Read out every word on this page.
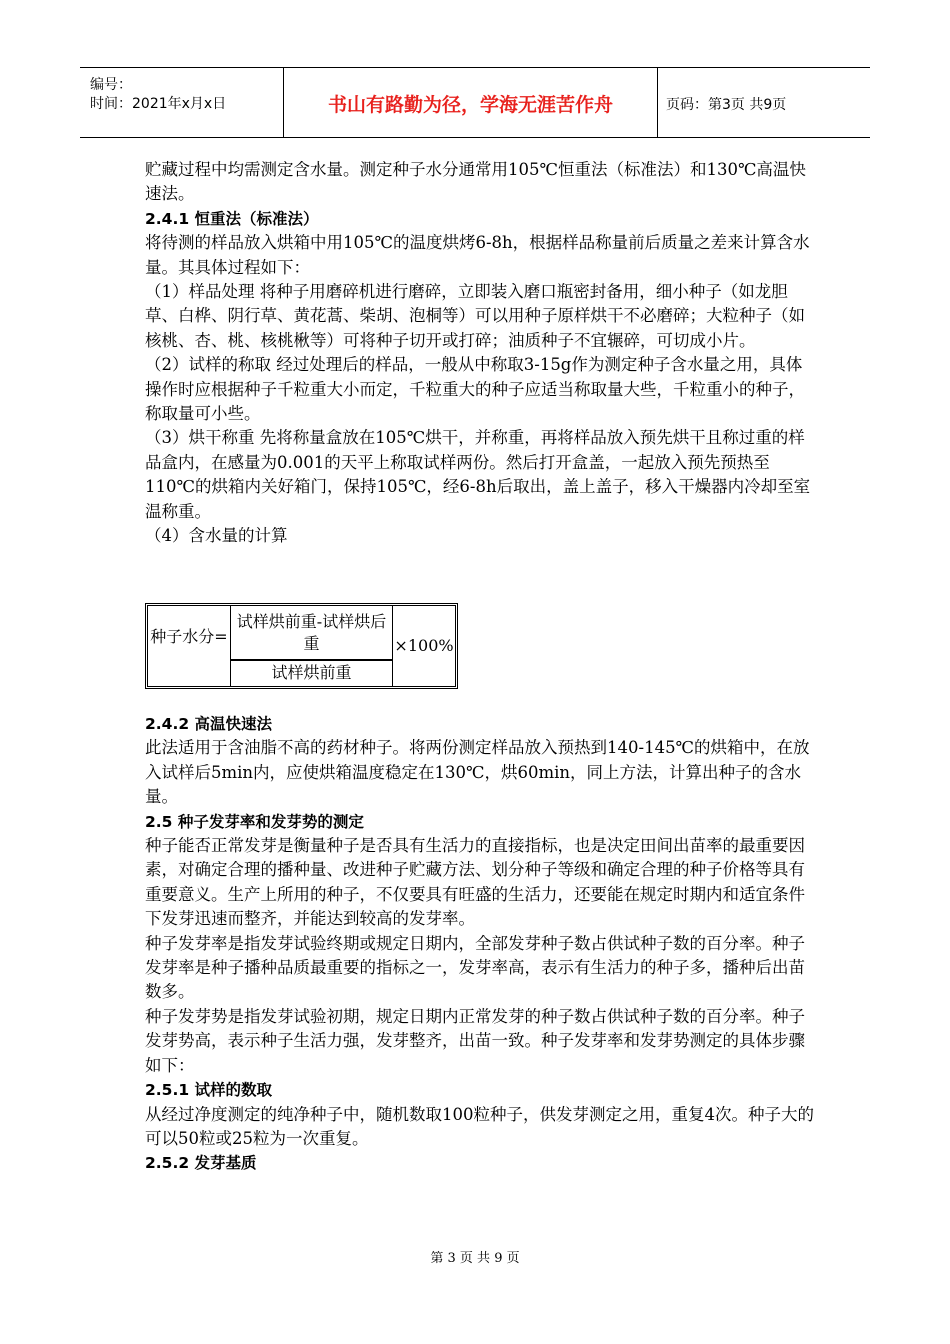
编号：
时间：2021年x月x日	书山有路勤为径，学海无涯苦作舟	页码：第3页 共9页

贮藏过程中均需测定含水量。测定种子水分通常用105℃恒重法（标准法）和130℃高温快速法。

2.4.1 恒重法（标准法）

将待测的样品放入烘箱中用105℃的温度烘烤6-8h，根据样品称量前后质量之差来计算含水量。其具体过程如下：

（1）样品处理 将种子用磨碎机进行磨碎，立即装入磨口瓶密封备用，细小种子（如龙胆草、白桦、阴行草、黄花蒿、柴胡、泡桐等）可以用种子原样烘干不必磨碎；大粒种子（如核桃、杏、桃、核桃楸等）可将种子切开或打碎；油质种子不宜辗碎，可切成小片。

（2）试样的称取 经过处理后的样品，一般从中称取3-15g作为测定种子含水量之用，具体操作时应根据种子千粒重大小而定，千粒重大的种子应适当称取量大些，千粒重小的种子，称取量可小些。

（3）烘干称重 先将称量盒放在105℃烘干，并称重，再将样品放入预先烘干且称过重的样品盒内，在感量为0.001的天平上称取试样两份。然后打开盒盖，一起放入预先预热至110℃的烘箱内关好箱门，保持105℃，经6-8h后取出，盖上盖子，移入干燥器内冷却至室温称重。

（4）含水量的计算

种子水分=
试样烘前重-试样烘后重
试样烘前重
×100%

2.4.2 高温快速法

此法适用于含油脂不高的药材种子。将两份测定样品放入预热到140-145℃的烘箱中，在放入试样后5min内，应使烘箱温度稳定在130℃，烘60min，同上方法，计算出种子的含水量。

2.5 种子发芽率和发芽势的测定

种子能否正常发芽是衡量种子是否具有生活力的直接指标，也是决定田间出苗率的最重要因素，对确定合理的播种量、改进种子贮藏方法、划分种子等级和确定合理的种子价格等具有重要意义。生产上所用的种子，不仅要具有旺盛的生活力，还要能在规定时期内和适宜条件下发芽迅速而整齐，并能达到较高的发芽率。

种子发芽率是指发芽试验终期或规定日期内，全部发芽种子数占供试种子数的百分率。种子发芽率是种子播种品质最重要的指标之一，发芽率高，表示有生活力的种子多，播种后出苗数多。

种子发芽势是指发芽试验初期，规定日期内正常发芽的种子数占供试种子数的百分率。种子发芽势高，表示种子生活力强，发芽整齐，出苗一致。种子发芽率和发芽势测定的具体步骤如下：

2.5.1 试样的数取

从经过净度测定的纯净种子中，随机数取100粒种子，供发芽测定之用，重复4次。种子大的可以50粒或25粒为一次重复。

2.5.2 发芽基质

第 3 页 共 9 页
